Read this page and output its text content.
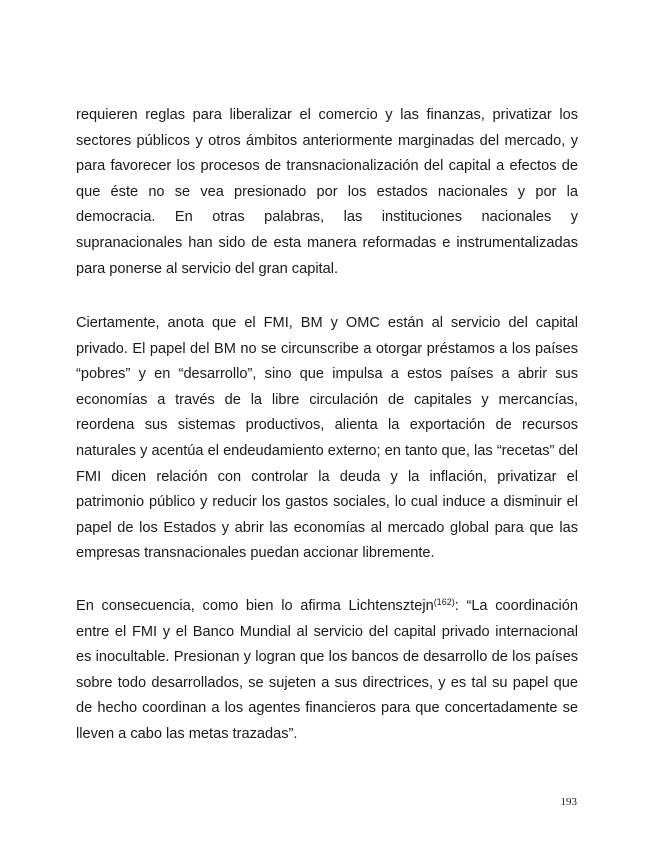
requieren reglas para liberalizar el comercio y las finanzas, privatizar los sectores públicos y otros ámbitos anteriormente marginadas del mercado, y para favorecer los procesos de transnacionalización del capital a efectos de que éste no se vea presionado por los estados nacionales y por la democracia. En otras palabras, las instituciones nacionales y supranacionales han sido de esta manera reformadas e instrumentalizadas para ponerse al servicio del gran capital.

Ciertamente, anota que el FMI, BM y OMC están al servicio del capital privado. El papel del BM no se circunscribe a otorgar préstamos a los países “pobres” y en “desarrollo”, sino que impulsa a estos países a abrir sus economías a través de la libre circulación de capitales y mercancías, reordena sus sistemas productivos, alienta la exportación de recursos naturales y acentúa el endeudamiento externo; en tanto que, las “recetas” del FMI dicen relación con controlar la deuda y la inflación, privatizar el patrimonio público y reducir los gastos sociales, lo cual induce a disminuir el papel de los Estados y abrir las economías al mercado global para que las empresas transnacionales puedan accionar libremente.

En consecuencia, como bien lo afirma Lichtensztejn$^{(162)}$: “La coordinación entre el FMI y el Banco Mundial al servicio del capital privado internacional es inocultable. Presionan y logran que los bancos de desarrollo de los países sobre todo desarrollados, se sujeten a sus directrices, y es tal su papel que de hecho coordinan a los agentes financieros para que concertadamente se lleven a cabo las metas trazadas”.

193
